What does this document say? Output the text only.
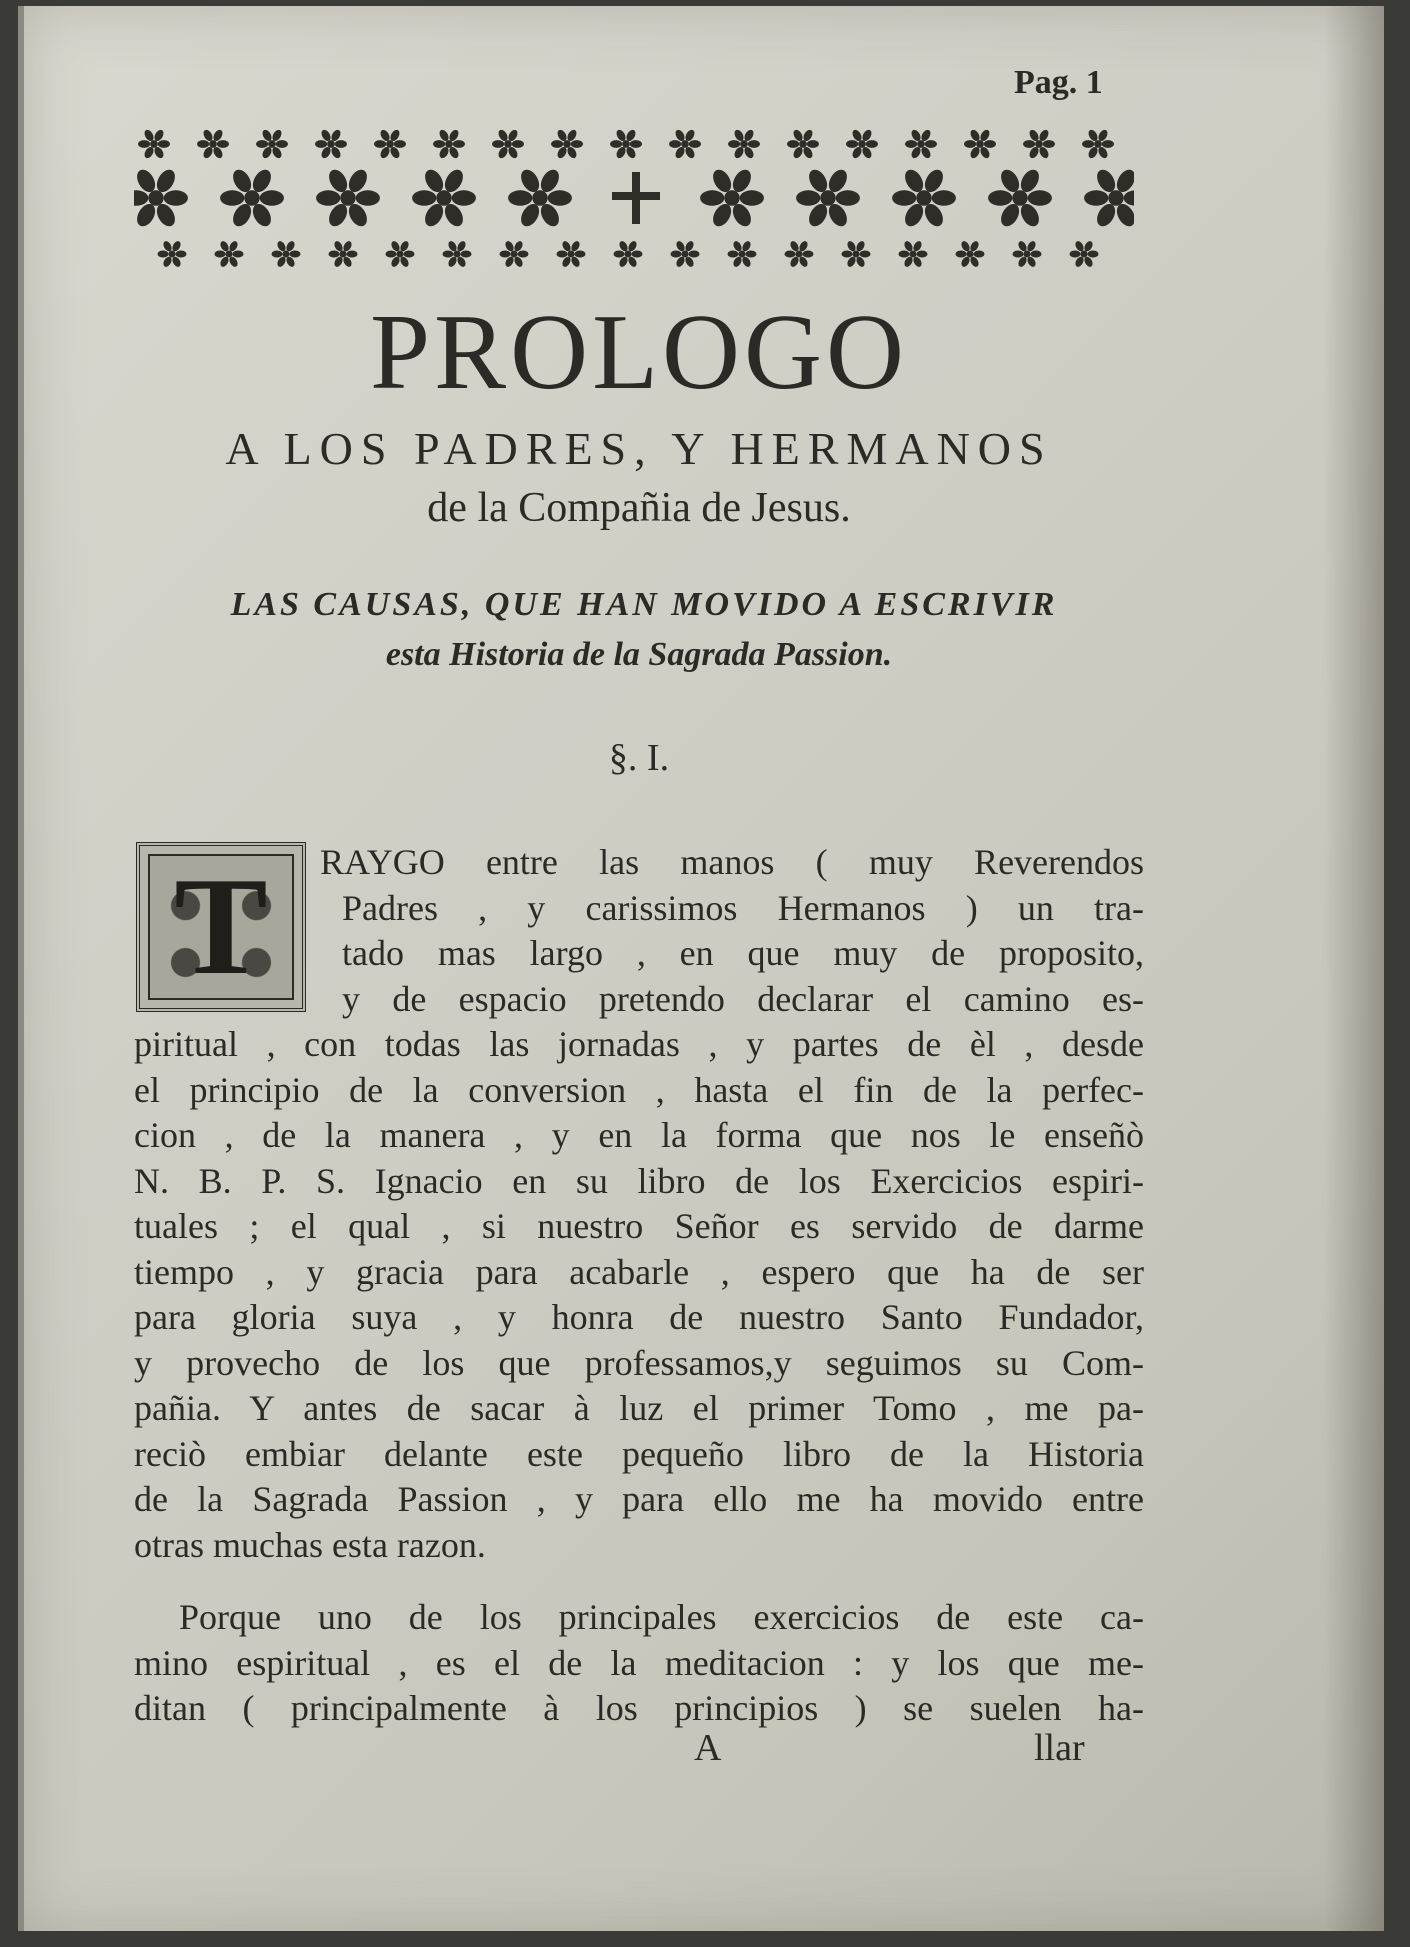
Pag. 1
PROLOGO
A LOS PADRES, Y HERMANOS
de la Compañia de Jesus.
LAS CAUSAS, QUE HAN MOVIDO A ESCRIVIR
esta Historia de la Sagrada Passion.
§. I.
T	RAYGO entre las manos ( muy Reverendos
Padres , y carissimos Hermanos ) un tra-
tado mas largo , en que muy de proposito,
y de espacio pretendo declarar el camino es-
piritual , con todas las jornadas , y partes de èl , desde
el principio de la conversion , hasta el fin de la perfec-
cion , de la manera , y en la forma que nos le enseñò
N. B. P. S. Ignacio en su libro de los Exercicios espiri-
tuales ; el qual , si nuestro Señor es servido de darme
tiempo , y gracia para acabarle , espero que ha de ser
para gloria suya , y honra de nuestro Santo Fundador,
y provecho de los que professamos,y seguimos su Com-
pañia. Y antes de sacar à luz el primer Tomo , me pa-
reciò embiar delante este pequeño libro de la Historia
de la Sagrada Passion , y para ello me ha movido entre
otras muchas esta razon.
Porque uno de los principales exercicios de este ca-
mino espiritual , es el de la meditacion : y los que me-
ditan ( principalmente à los principios ) se suelen ha-
A	llar
